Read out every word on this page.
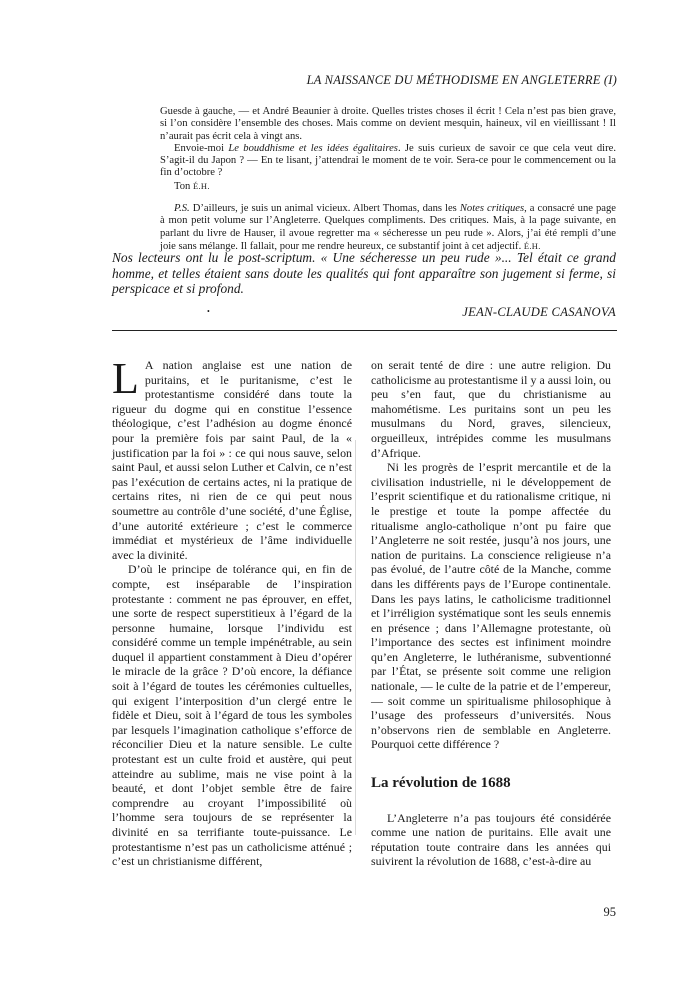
LA NAISSANCE DU MÉTHODISME EN ANGLETERRE (I)

Guesde à gauche, — et André Beaunier à droite. Quelles tristes choses il écrit ! Cela n’est pas bien grave, si l’on considère l’ensemble des choses. Mais comme on devient mesquin, haineux, vil en vieillissant ! Il n’aurait pas écrit cela à vingt ans.

Envoie-moi Le bouddhisme et les idées égalitaires. Je suis curieux de savoir ce que cela veut dire. S’agit-il du Japon ? — En te lisant, j’attendrai le moment de te voir. Sera-ce pour le commencement ou la fin d’octobre ?

Ton É.H.

P.S. D’ailleurs, je suis un animal vicieux. Albert Thomas, dans les Notes critiques, a consacré une page à mon petit volume sur l’Angleterre. Quelques compliments. Des critiques. Mais, à la page suivante, en parlant du livre de Hauser, il avoue regretter ma « sécheresse un peu rude ». Alors, j’ai été rempli d’une joie sans mélange. Il fallait, pour me rendre heureux, ce substantif joint à cet adjectif. É.H.

Nos lecteurs ont lu le post-scriptum. « Une sécheresse un peu rude »... Tel était ce grand homme, et telles étaient sans doute les qualités qui font apparaître son jugement si ferme, si perspicace et si profond.

•	JEAN-CLAUDE CASANOVA

L A nation anglaise est une nation de puritains, et le puritanisme, c’est le protestantisme considéré dans toute la rigueur du dogme qui en constitue l’essence théologique, c’est l’adhésion au dogme énoncé pour la première fois par saint Paul, de la « justification par la foi » : ce qui nous sauve, selon saint Paul, et aussi selon Luther et Calvin, ce n’est pas l’exécution de certains actes, ni la pratique de certains rites, ni rien de ce qui peut nous soumettre au contrôle d’une société, d’une Église, d’une autorité extérieure ; c’est le commerce immédiat et mystérieux de l’âme individuelle avec la divinité.

D’où le principe de tolérance qui, en fin de compte, est inséparable de l’inspiration protestante : comment ne pas éprouver, en effet, une sorte de respect superstitieux à l’égard de la personne humaine, lorsque l’individu est considéré comme un temple impénétrable, au sein duquel il appartient constamment à Dieu d’opérer le miracle de la grâce ? D’où encore, la défiance soit à l’égard de toutes les cérémonies cultuelles, qui exigent l’interposition d’un clergé entre le fidèle et Dieu, soit à l’égard de tous les symboles par lesquels l’imagination catholique s’efforce de réconcilier Dieu et la nature sensible. Le culte protestant est un culte froid et austère, qui peut atteindre au sublime, mais ne vise point à la beauté, et dont l’objet semble être de faire comprendre au croyant l’impossibilité où l’homme sera toujours de se représenter la divinité en sa terrifiante toute-puissance. Le protestantisme n’est pas un catholicisme atténué ; c’est un christianisme différent,

on serait tenté de dire : une autre religion. Du catholicisme au protestantisme il y a aussi loin, ou peu s’en faut, que du christianisme au mahométisme. Les puritains sont un peu les musulmans du Nord, graves, silencieux, orgueilleux, intrépides comme les musulmans d’Afrique.

Ni les progrès de l’esprit mercantile et de la civilisation industrielle, ni le développement de l’esprit scientifique et du rationalisme critique, ni le prestige et toute la pompe affectée du ritualisme anglo-catholique n’ont pu faire que l’Angleterre ne soit restée, jusqu’à nos jours, une nation de puritains. La conscience religieuse n’a pas évolué, de l’autre côté de la Manche, comme dans les différents pays de l’Europe continentale. Dans les pays latins, le catholicisme traditionnel et l’irréligion systématique sont les seuls ennemis en présence ; dans l’Allemagne protestante, où l’importance des sectes est infiniment moindre qu’en Angleterre, le luthéranisme, subventionné par l’État, se présente soit comme une religion nationale, — le culte de la patrie et de l’empereur, — soit comme un spiritualisme philosophique à l’usage des professeurs d’universités. Nous n’observons rien de semblable en Angleterre. Pourquoi cette différence ?

La révolution de 1688

L’Angleterre n’a pas toujours été considérée comme une nation de puritains. Elle avait une réputation toute contraire dans les années qui suivirent la révolution de 1688, c’est-à-dire au

95
